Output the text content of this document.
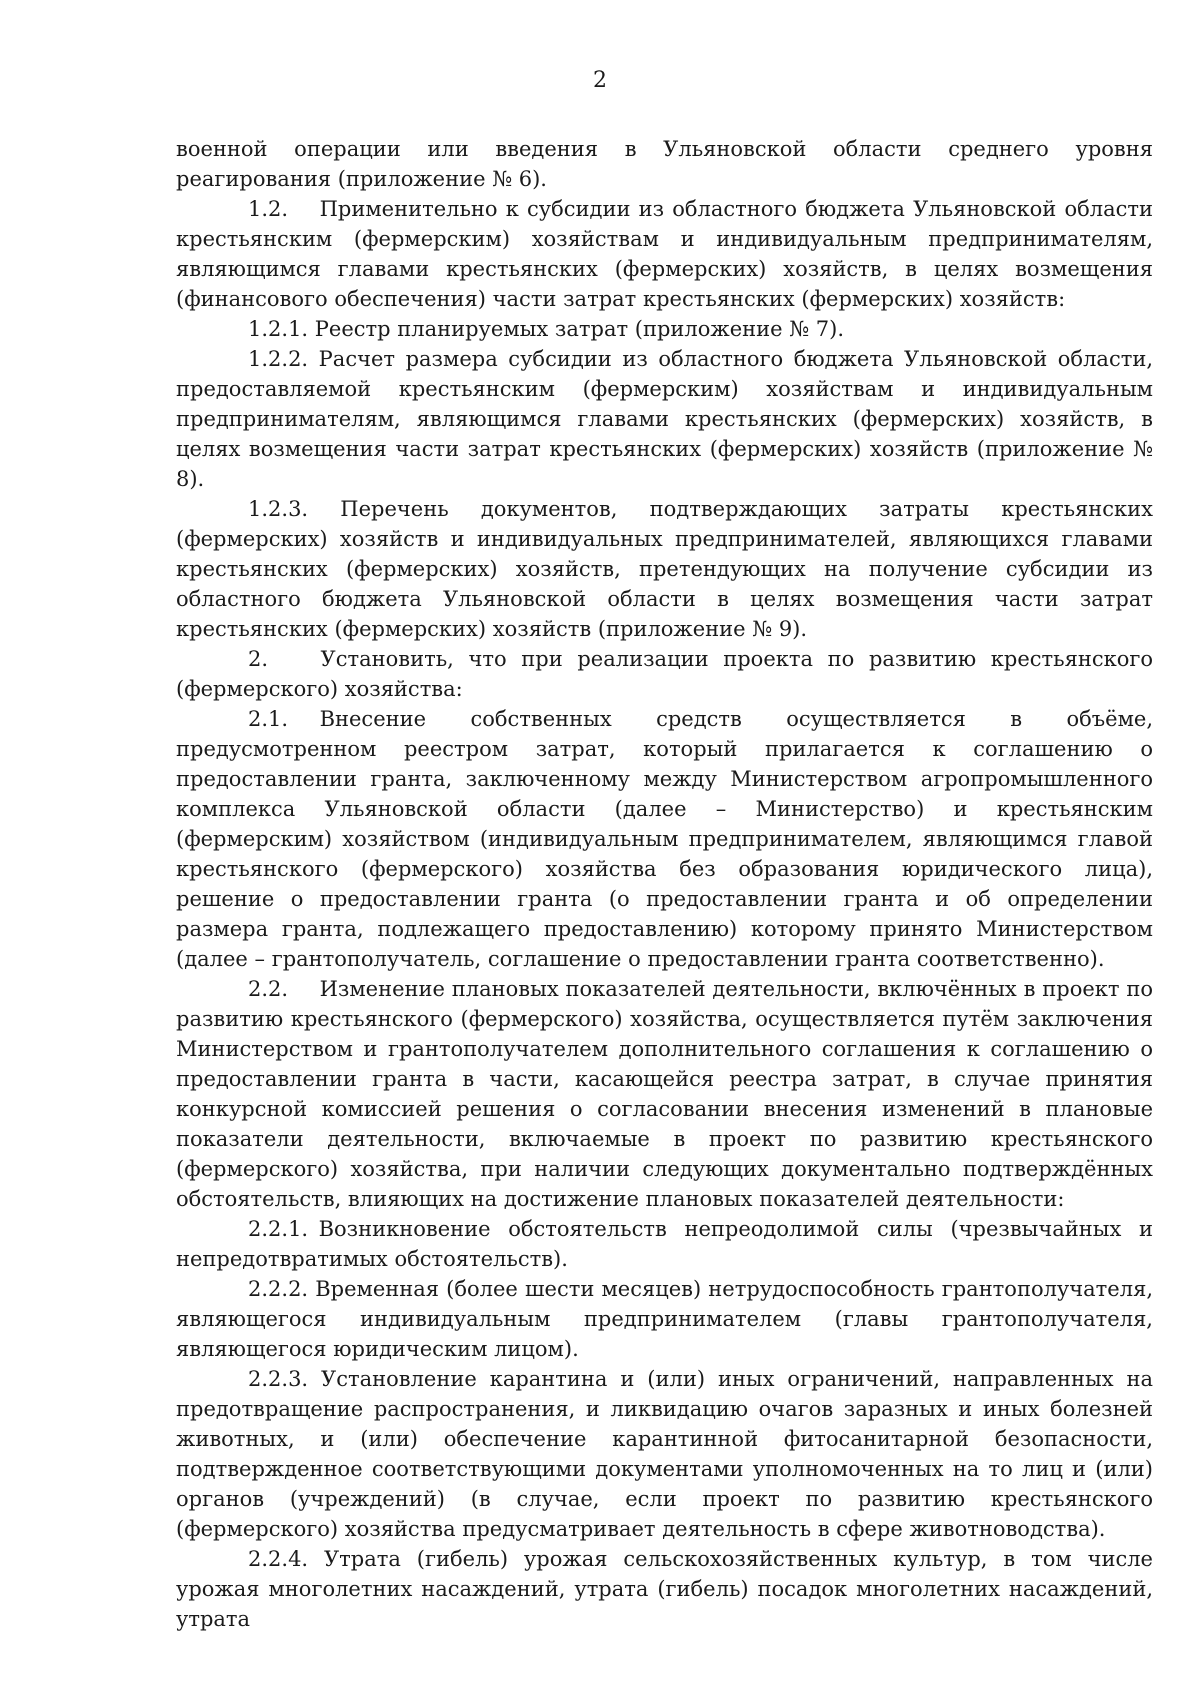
2

военной операции или введения в Ульяновской области среднего уровня реагирования (приложение № 6).

1.2.  Применительно к субсидии из областного бюджета Ульяновской области крестьянским (фермерским) хозяйствам и индивидуальным предпринимателям, являющимся главами крестьянских (фермерских) хозяйств, в целях возмещения (финансового обеспечения) части затрат крестьянских (фермерских) хозяйств:

1.2.1. Реестр планируемых затрат (приложение № 7).

1.2.2. Расчет размера субсидии из областного бюджета Ульяновской области, предоставляемой крестьянским (фермерским) хозяйствам и индивидуальным предпринимателям, являющимся главами крестьянских (фермерских) хозяйств, в целях возмещения части затрат крестьянских (фермерских) хозяйств (приложение № 8).

1.2.3. Перечень документов, подтверждающих затраты крестьянских (фермерских) хозяйств и индивидуальных предпринимателей, являющихся главами крестьянских (фермерских) хозяйств, претендующих на получение субсидии из областного бюджета Ульяновской области в целях возмещения части затрат крестьянских (фермерских) хозяйств (приложение № 9).

2.   Установить, что при реализации проекта по развитию крестьянского (фермерского) хозяйства:

2.1.  Внесение собственных средств осуществляется в объёме, предусмотренном реестром затрат, который прилагается к соглашению о предоставлении гранта, заключенному между Министерством агропромышленного комплекса Ульяновской области (далее – Министерство) и крестьянским (фермерским) хозяйством (индивидуальным предпринимателем, являющимся главой крестьянского (фермерского) хозяйства без образования юридического лица), решение о предоставлении гранта (о предоставлении гранта и об определении размера гранта, подлежащего предоставлению) которому принято Министерством (далее – грантополучатель, соглашение о предоставлении гранта соответственно).

2.2.  Изменение плановых показателей деятельности, включённых в проект по развитию крестьянского (фермерского) хозяйства, осуществляется путём заключения Министерством и грантополучателем дополнительного соглашения к соглашению о предоставлении гранта в части, касающейся реестра затрат, в случае принятия конкурсной комиссией решения о согласовании внесения изменений в плановые показатели деятельности, включаемые в проект по развитию крестьянского (фермерского) хозяйства, при наличии следующих документально подтверждённых обстоятельств, влияющих на достижение плановых показателей деятельности:

2.2.1. Возникновение обстоятельств непреодолимой силы (чрезвычайных и непредотвратимых обстоятельств).

2.2.2. Временная (более шести месяцев) нетрудоспособность грантополучателя, являющегося индивидуальным предпринимателем (главы грантополучателя, являющегося юридическим лицом).

2.2.3. Установление карантина и (или) иных ограничений, направленных на предотвращение распространения, и ликвидацию очагов заразных и иных болезней животных, и (или) обеспечение карантинной фитосанитарной безопасности, подтвержденное соответствующими документами уполномоченных на то лиц и (или) органов (учреждений) (в случае, если проект по развитию крестьянского (фермерского) хозяйства предусматривает деятельность в сфере животноводства).

2.2.4. Утрата (гибель) урожая сельскохозяйственных культур, в том числе урожая многолетних насаждений, утрата (гибель) посадок многолетних насаждений, утрата
